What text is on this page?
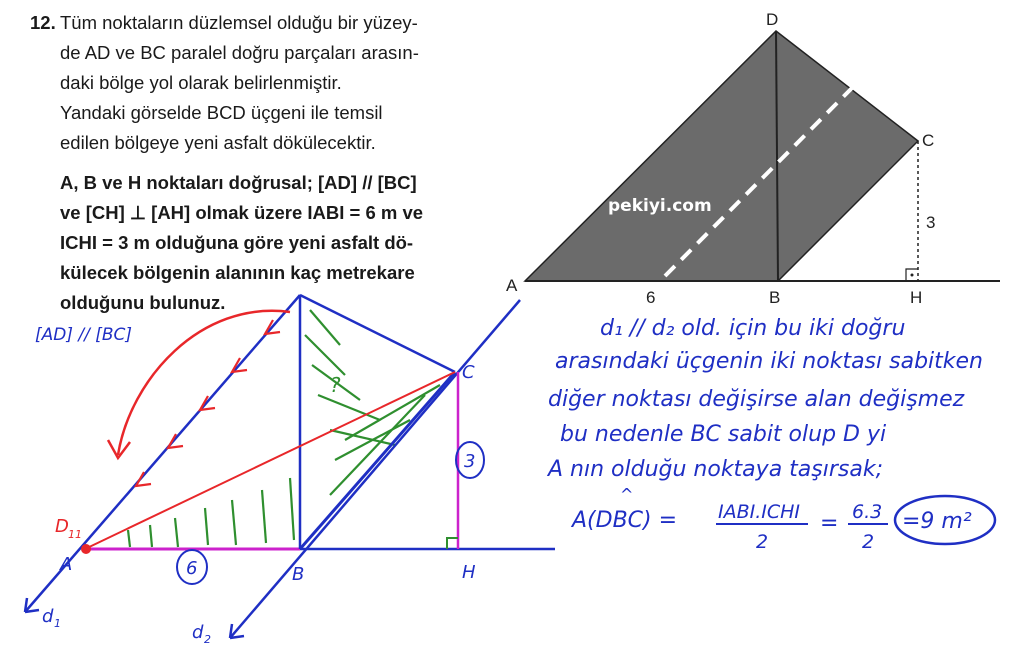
12. Tüm noktaların düzlemsel olduğu bir yüzey-
de AD ve BC paralel doğru parçaları arasın-
daki bölge yol olarak belirlenmiştir.
Yandaki görselde BCD üçgeni ile temsil
edilen bölgeye yeni asfalt dökülecektir.
A, B ve H noktaları doğrusal; [AD] // [BC]
ve [CH] ⊥ [AH] olmak üzere IABI = 6 m ve
ICHI = 3 m olduğuna göre yeni asfalt dö-
külecek bölgenin alanının kaç metrekare
olduğunu bulunuz.
D
C
A
B	H
6
3
pekiyi.com
[AD] // [BC]
C
D 11
A	B	H
6
3
?
d 1	d 2
d₁ // d₂ old. için bu iki doğru
arasındaki üçgenin iki noktası sabitken
diğer noktası değişirse alan değişmez
bu nedenle BC sabit olup D yi
A nın olduğu noktaya taşırsak;
A(DBC) =
^
IABI.ICHI
2
= 6.3
2
=9 m²
